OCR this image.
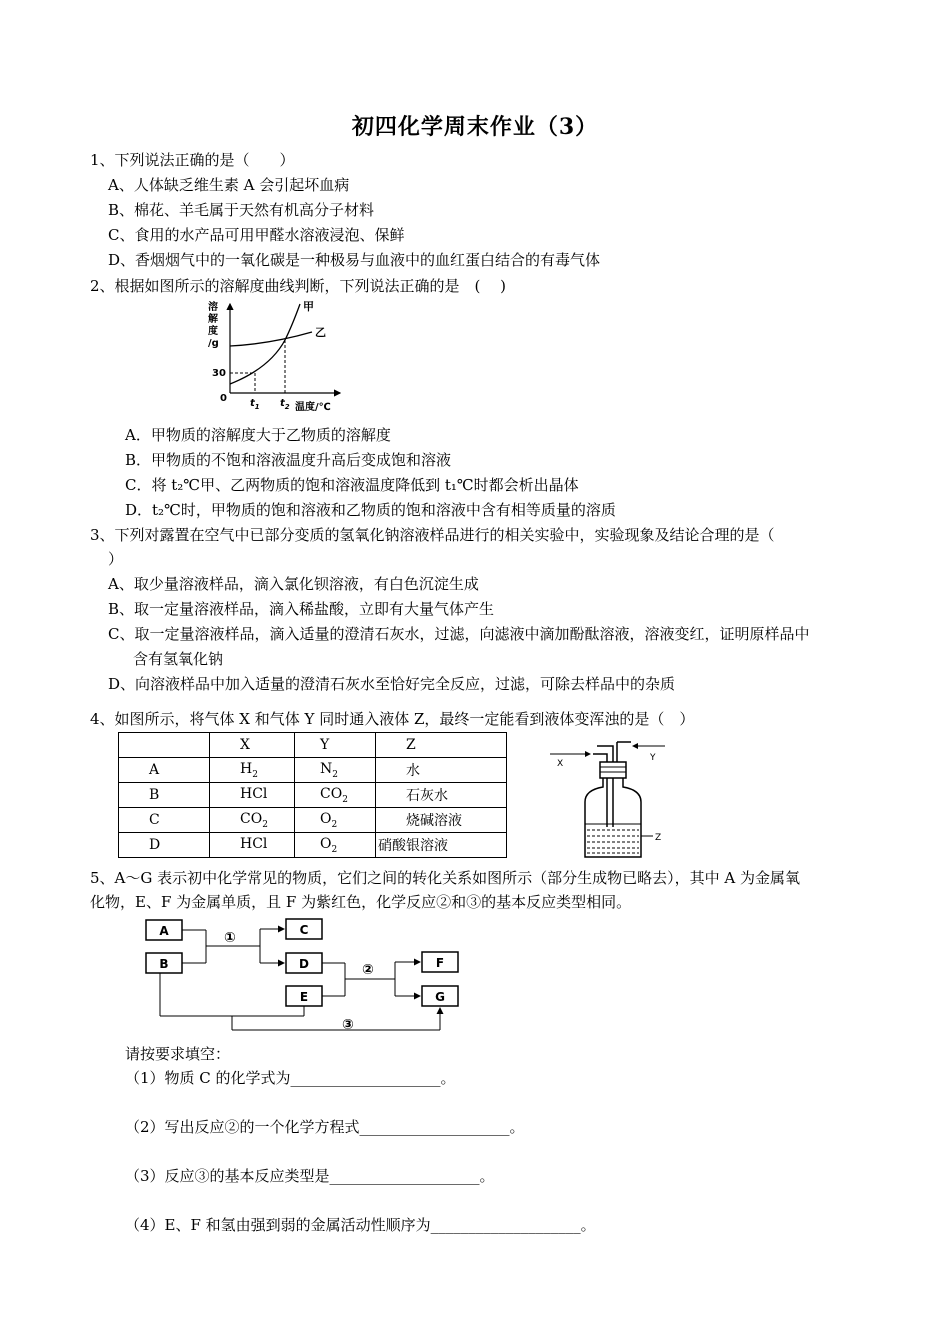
初四化学周末作业（3）
1、下列说法正确的是（　　）
A、人体缺乏维生素 A 会引起坏血病
B、棉花、羊毛属于天然有机高分子材料
C、食用的水产品可用甲醛水溶液浸泡、保鲜
D、香烟烟气中的一氧化碳是一种极易与血液中的血红蛋白结合的有毒气体
2、根据如图所示的溶解度曲线判断，下列说法正确的是　( 　)
溶
解
度
/g
0
30
甲
乙
$t_1$ $t_2$ 温度/℃
A．甲物质的溶解度大于乙物质的溶解度
B．甲物质的不饱和溶液温度升高后变成饱和溶液
C．将 t₂℃甲、乙两物质的饱和溶液温度降低到 t₁℃时都会析出晶体
D．t₂℃时，甲物质的饱和溶液和乙物质的饱和溶液中含有相等质量的溶质
3、下列对露置在空气中已部分变质的氢氧化钠溶液样品进行的相关实验中，实验现象及结论合理的是（
）
A、取少量溶液样品，滴入氯化钡溶液，有白色沉淀生成
B、取一定量溶液样品，滴入稀盐酸，立即有大量气体产生
C、取一定量溶液样品，滴入适量的澄清石灰水，过滤，向滤液中滴加酚酞溶液，溶液变红，证明原样品中
含有氢氧化钠
D、向溶液样品中加入适量的澄清石灰水至恰好完全反应，过滤，可除去样品中的杂质
4、如图所示，将气体 X 和气体 Y 同时通入液体 Z，最终一定能看到液体变浑浊的是（　）
	X	Y	Z
A	$H_2$	$N_2$	水
B	HCl	$CO_2$	石灰水
C	$CO_2$	$O_2$	烧碱溶液
D	HCl	$O_2$	硝酸银溶液
X
Y
Z
5、A～G 表示初中化学常见的物质，它们之间的转化关系如图所示（部分生成物已略去），其中 A 为金属氧
化物，E、F 为金属单质，且 F 为紫红色，化学反应②和③的基本反应类型相同。
A
B
C
D
E
F
G
①
②
③
请按要求填空：
（1）物质 C 的化学式为____________________。
（2）写出反应②的一个化学方程式____________________。
（3）反应③的基本反应类型是____________________。
（4）E、F 和氢由强到弱的金属活动性顺序为____________________。
